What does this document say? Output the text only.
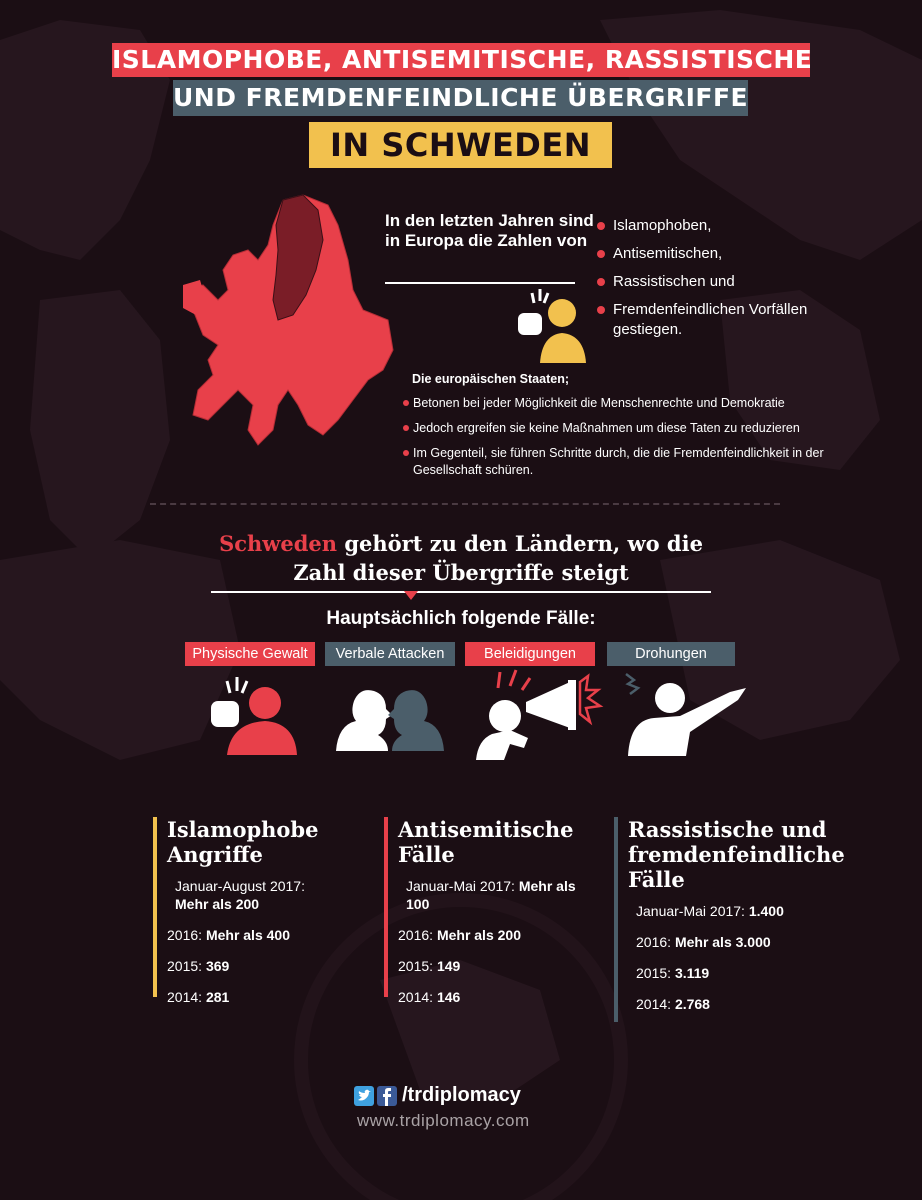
ISLAMOPHOBE, ANTISEMITISCHE, RASSISTISCHE
UND FREMDENFEINDLICHE ÜBERGRIFFE
IN SCHWEDEN
In den letzten Jahren sind in Europa die Zahlen von
Islamophoben,
Antisemitischen,
Rassistischen und
Fremdenfeindlichen Vorfällen gestiegen.
Die europäischen Staaten;
Betonen bei jeder Möglichkeit die Menschenrechte und Demokratie
Jedoch ergreifen sie keine Maßnahmen um diese Taten zu reduzieren
Im Gegenteil, sie führen Schritte durch, die die Fremdenfeindlichkeit in der Gesellschaft schüren.
Schweden gehört zu den Ländern, wo die
Zahl dieser Übergriffe steigt
Hauptsächlich folgende Fälle:
Physische Gewalt	Verbale Attacken	Beleidigungen	Drohungen
Islamophobe Angriffe
Januar-August 2017:
Mehr als 200
2016: Mehr als 400
2015: 369
2014: 281
Antisemitische Fälle
Januar-Mai 2017: Mehr als 100
2016: Mehr als 200
2015: 149
2014: 146
Rassistische und fremdenfeindliche Fälle
Januar-Mai 2017: 1.400
2016: Mehr als 3.000
2015: 3.119
2014: 2.768
/trdiplomacy
www.trdiplomacy.com
